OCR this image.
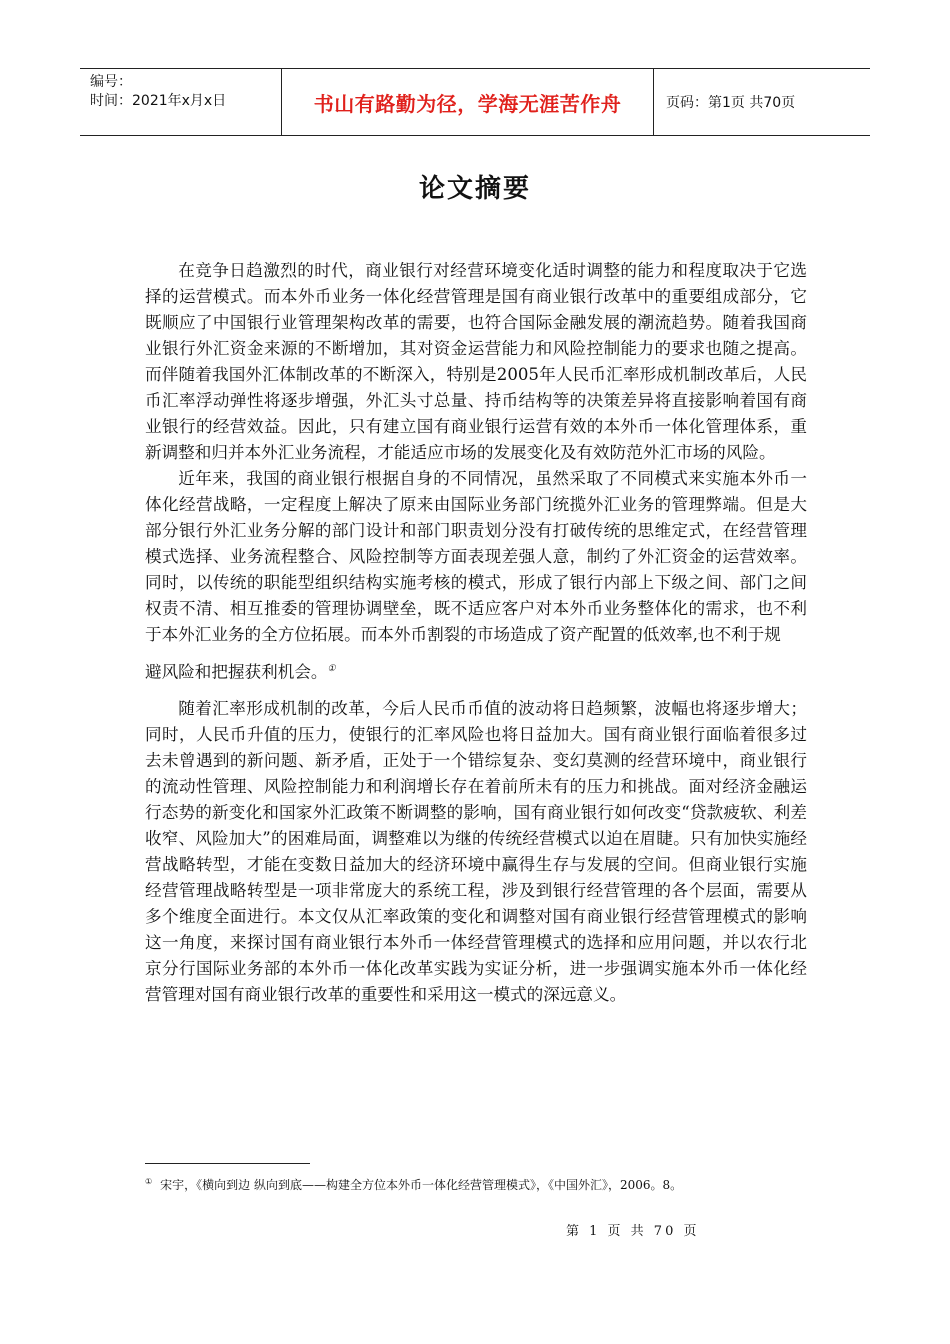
编号：
时间：2021年x月x日	书山有路勤为径，学海无涯苦作舟	页码：第1页 共70页
论文摘要

在竞争日趋激烈的时代，商业银行对经营环境变化适时调整的能力和程度取决于它选择的运营模式。而本外币业务一体化经营管理是国有商业银行改革中的重要组成部分，它既顺应了中国银行业管理架构改革的需要，也符合国际金融发展的潮流趋势。随着我国商业银行外汇资金来源的不断增加，其对资金运营能力和风险控制能力的要求也随之提高。而伴随着我国外汇体制改革的不断深入，特别是2005年人民币汇率形成机制改革后，人民币汇率浮动弹性将逐步增强，外汇头寸总量、持币结构等的决策差异将直接影响着国有商业银行的经营效益。因此，只有建立国有商业银行运营有效的本外币一体化管理体系，重新调整和归并本外汇业务流程，才能适应市场的发展变化及有效防范外汇市场的风险。

近年来，我国的商业银行根据自身的不同情况，虽然采取了不同模式来实施本外币一体化经营战略，一定程度上解决了原来由国际业务部门统揽外汇业务的管理弊端。但是大部分银行外汇业务分解的部门设计和部门职责划分没有打破传统的思维定式，在经营管理模式选择、业务流程整合、风险控制等方面表现差强人意，制约了外汇资金的运营效率。同时，以传统的职能型组织结构实施考核的模式，形成了银行内部上下级之间、部门之间权责不清、相互推委的管理协调壁垒，既不适应客户对本外币业务整体化的需求，也不利于本外汇业务的全方位拓展。而本外币割裂的市场造成了资产配置的低效率,也不利于规
避风险和把握获利机会。①

随着汇率形成机制的改革，今后人民币币值的波动将日趋频繁，波幅也将逐步增大；同时，人民币升值的压力，使银行的汇率风险也将日益加大。国有商业银行面临着很多过去未曾遇到的新问题、新矛盾，正处于一个错综复杂、变幻莫测的经营环境中，商业银行的流动性管理、风险控制能力和利润增长存在着前所未有的压力和挑战。面对经济金融运行态势的新变化和国家外汇政策不断调整的影响，国有商业银行如何改变“贷款疲软、利差收窄、风险加大”的困难局面，调整难以为继的传统经营模式以迫在眉睫。只有加快实施经营战略转型，才能在变数日益加大的经济环境中赢得生存与发展的空间。但商业银行实施经营管理战略转型是一项非常庞大的系统工程，涉及到银行经营管理的各个层面，需要从多个维度全面进行。本文仅从汇率政策的变化和调整对国有商业银行经营管理模式的影响这一角度，来探讨国有商业银行本外币一体经营管理模式的选择和应用问题，并以农行北京分行国际业务部的本外币一体化改革实践为实证分析，进一步强调实施本外币一体化经营管理对国有商业银行改革的重要性和采用这一模式的深远意义。

① 宋宇，《横向到边 纵向到底——构建全方位本外币一体化经营管理模式》，《中国外汇》，2006。8。
第 1 页 共 70 页
